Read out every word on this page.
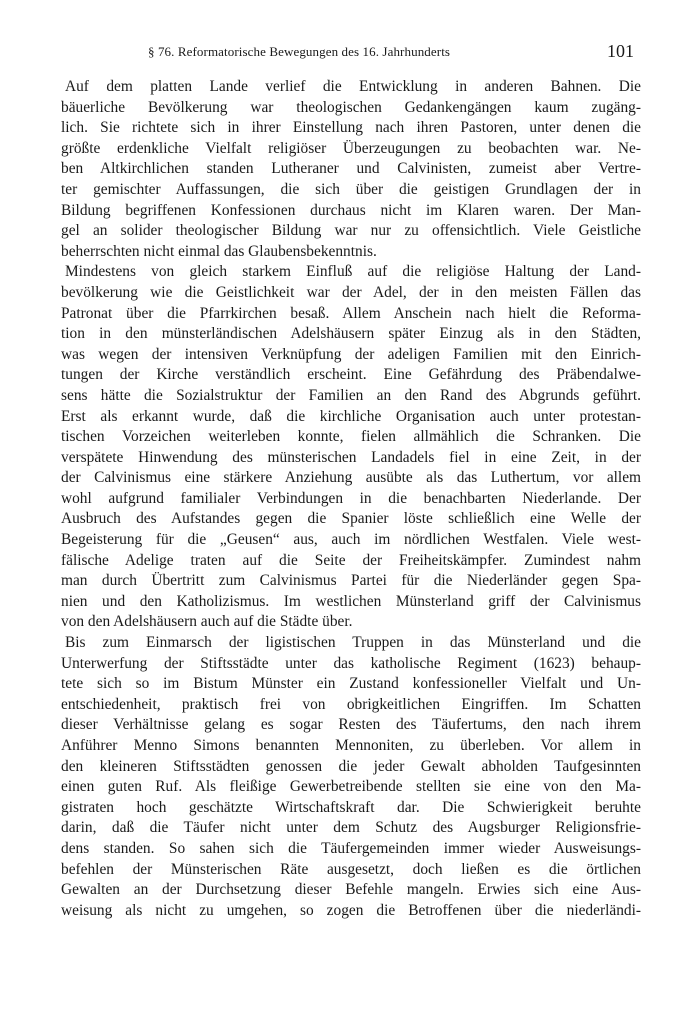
§ 76. Reformatorische Bewegungen des 16. Jahrhunderts	101
Auf dem platten Lande verlief die Entwicklung in anderen Bahnen. Die
bäuerliche Bevölkerung war theologischen Gedankengängen kaum zugäng-
lich. Sie richtete sich in ihrer Einstellung nach ihren Pastoren, unter denen die
größte erdenkliche Vielfalt religiöser Überzeugungen zu beobachten war. Ne-
ben Altkirchlichen standen Lutheraner und Calvinisten, zumeist aber Vertre-
ter gemischter Auffassungen, die sich über die geistigen Grundlagen der in
Bildung begriffenen Konfessionen durchaus nicht im Klaren waren. Der Man-
gel an solider theologischer Bildung war nur zu offensichtlich. Viele Geistliche
beherrschten nicht einmal das Glaubensbekenntnis.
Mindestens von gleich starkem Einfluß auf die religiöse Haltung der Land-
bevölkerung wie die Geistlichkeit war der Adel, der in den meisten Fällen das
Patronat über die Pfarrkirchen besaß. Allem Anschein nach hielt die Reforma-
tion in den münsterländischen Adelshäusern später Einzug als in den Städten,
was wegen der intensiven Verknüpfung der adeligen Familien mit den Einrich-
tungen der Kirche verständlich erscheint. Eine Gefährdung des Präbendalwe-
sens hätte die Sozialstruktur der Familien an den Rand des Abgrunds geführt.
Erst als erkannt wurde, daß die kirchliche Organisation auch unter protestan-
tischen Vorzeichen weiterleben konnte, fielen allmählich die Schranken. Die
verspätete Hinwendung des münsterischen Landadels fiel in eine Zeit, in der
der Calvinismus eine stärkere Anziehung ausübte als das Luthertum, vor allem
wohl aufgrund familialer Verbindungen in die benachbarten Niederlande. Der
Ausbruch des Aufstandes gegen die Spanier löste schließlich eine Welle der
Begeisterung für die „Geusen“ aus, auch im nördlichen Westfalen. Viele west-
fälische Adelige traten auf die Seite der Freiheitskämpfer. Zumindest nahm
man durch Übertritt zum Calvinismus Partei für die Niederländer gegen Spa-
nien und den Katholizismus. Im westlichen Münsterland griff der Calvinismus
von den Adelshäusern auch auf die Städte über.
Bis zum Einmarsch der ligistischen Truppen in das Münsterland und die
Unterwerfung der Stiftsstädte unter das katholische Regiment (1623) behaup-
tete sich so im Bistum Münster ein Zustand konfessioneller Vielfalt und Un-
entschiedenheit, praktisch frei von obrigkeitlichen Eingriffen. Im Schatten
dieser Verhältnisse gelang es sogar Resten des Täufertums, den nach ihrem
Anführer Menno Simons benannten Mennoniten, zu überleben. Vor allem in
den kleineren Stiftsstädten genossen die jeder Gewalt abholden Taufgesinnten
einen guten Ruf. Als fleißige Gewerbetreibende stellten sie eine von den Ma-
gistraten hoch geschätzte Wirtschaftskraft dar. Die Schwierigkeit beruhte
darin, daß die Täufer nicht unter dem Schutz des Augsburger Religionsfrie-
dens standen. So sahen sich die Täufergemeinden immer wieder Ausweisungs-
befehlen der Münsterischen Räte ausgesetzt, doch ließen es die örtlichen
Gewalten an der Durchsetzung dieser Befehle mangeln. Erwies sich eine Aus-
weisung als nicht zu umgehen, so zogen die Betroffenen über die niederländi-
